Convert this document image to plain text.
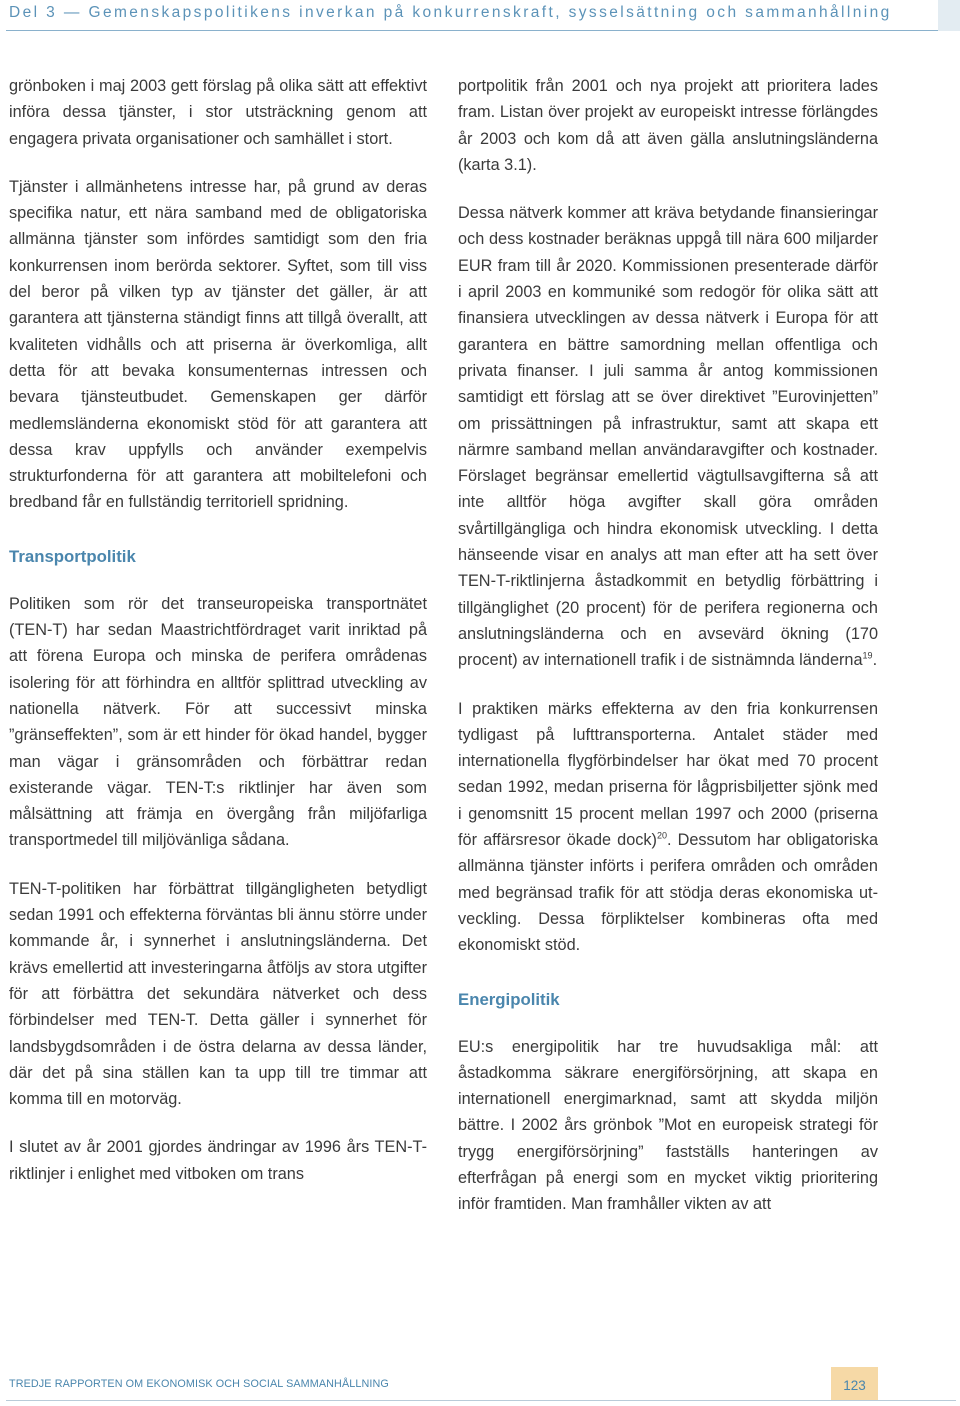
Del 3 — Gemenskapspolitikens inverkan på konkurrenskraft, sysselsättning och sammanhållning

grönboken i maj 2003 gett förslag på olika sätt att effektivt införa dessa tjänster, i stor utsträckning genom att engagera privata organisationer och samhället i stort.

Tjänster i allmänhetens intresse har, på grund av deras specifika natur, ett nära samband med de obligatoriska allmänna tjänster som infördes samtidigt som den fria konkurrensen inom berörda sektorer. Syftet, som till viss del beror på vilken typ av tjänster det gäller, är att garantera att tjänsterna ständigt finns att tillgå överallt, att kvaliteten vidhålls och att priserna är överkomliga, allt detta för att bevaka konsumenternas intressen och bevara tjänsteutbudet. Gemenskapen ger därför medlemsländerna ekonomiskt stöd för att garantera att dessa krav uppfylls och använder exempelvis strukturfonderna för att garantera att mobiltelefoni och bredband får en fullständig territoriell spridning.

Transportpolitik

Politiken som rör det transeuropeiska transportnätet (TEN-T) har sedan Maastrichtfördraget varit inriktad på att förena Europa och minska de perifera områdenas isolering för att förhindra en alltför splittrad utveckling av nationella nätverk. För att successivt minska ”gränseffekten”, som är ett hinder för ökad handel, bygger man vägar i gränsområden och förbättrar redan existerande vägar. TEN-T:s riktlinjer har även som målsättning att främja en övergång från miljöfarliga transportmedel till miljövänliga sådana.

TEN-T-politiken har förbättrat tillgängligheten betydligt sedan 1991 och effekterna förväntas bli ännu större under kommande år, i synnerhet i anslutningsländerna. Det krävs emellertid att investeringarna åtföljs av stora utgifter för att förbättra det sekundära nätverket och dess förbindelser med TEN-T. Detta gäller i synnerhet för landsbygdsområden i de östra delarna av dessa länder, där det på sina ställen kan ta upp till tre timmar att komma till en motorväg.

I slutet av år 2001 gjordes ändringar av 1996 års TEN-T-riktlinjer i enlighet med vitboken om trans

portpolitik från 2001 och nya projekt att prioritera lades fram. Listan över projekt av europeiskt intresse förlängdes år 2003 och kom då att även gälla anslutningsländerna (karta 3.1).

Dessa nätverk kommer att kräva betydande finansieringar och dess kostnader beräknas uppgå till nära 600 miljarder EUR fram till år 2020. Kommissionen presenterade därför i april 2003 en kommuniké som redogör för olika sätt att finansiera utvecklingen av dessa nätverk i Europa för att garantera en bättre samordning mellan offentliga och privata finanser. I juli samma år antog kommissionen samtidigt ett förslag att se över direktivet ”Eurovinjetten” om prissättningen på infrastruktur, samt att skapa ett närmre samband mellan användaravgifter och kostnader. Förslaget begränsar emellertid vägtullsavgifterna så att inte alltför höga avgifter skall göra områden svårtillgängliga och hindra ekonomisk utveckling. I detta hänseende visar en analys att man efter att ha sett över TEN-T-riktlinjerna åstadkommit en betydlig förbättring i tillgänglighet (20 procent) för de perifera regionerna och anslutningsländerna och en avsevärd ökning (170 procent) av internationell trafik i de sistnämnda länderna$^{19}$.

I praktiken märks effekterna av den fria konkurrensen tydligast på lufttransporterna. Antalet städer med internationella flygförbindelser har ökat med 70 procent sedan 1992, medan priserna för lågprisbiljetter sjönk med i genomsnitt 15 procent mellan 1997 och 2000 (priserna för affärsresor ökade dock)$^{20}$. Dessutom har obligatoriska allmänna tjänster införts i perifera områden och områden med begränsad trafik för att stödja deras ekonomiska utveckling. Dessa förpliktelser kombineras ofta med ekonomiskt stöd.

Energipolitik

EU:s energipolitik har tre huvudsakliga mål: att åstadkomma säkrare energiförsörjning, att skapa en internationell energimarknad, samt att skydda miljön bättre. I 2002 års grönbok ”Mot en europeisk strategi för trygg energiförsörjning” fastställs hanteringen av efterfrågan på energi som en mycket viktig prioritering inför framtiden. Man framhåller vikten av att

TREDJE RAPPORTEN OM EKONOMISK OCH SOCIAL SAMMANHÅLLNING	123
